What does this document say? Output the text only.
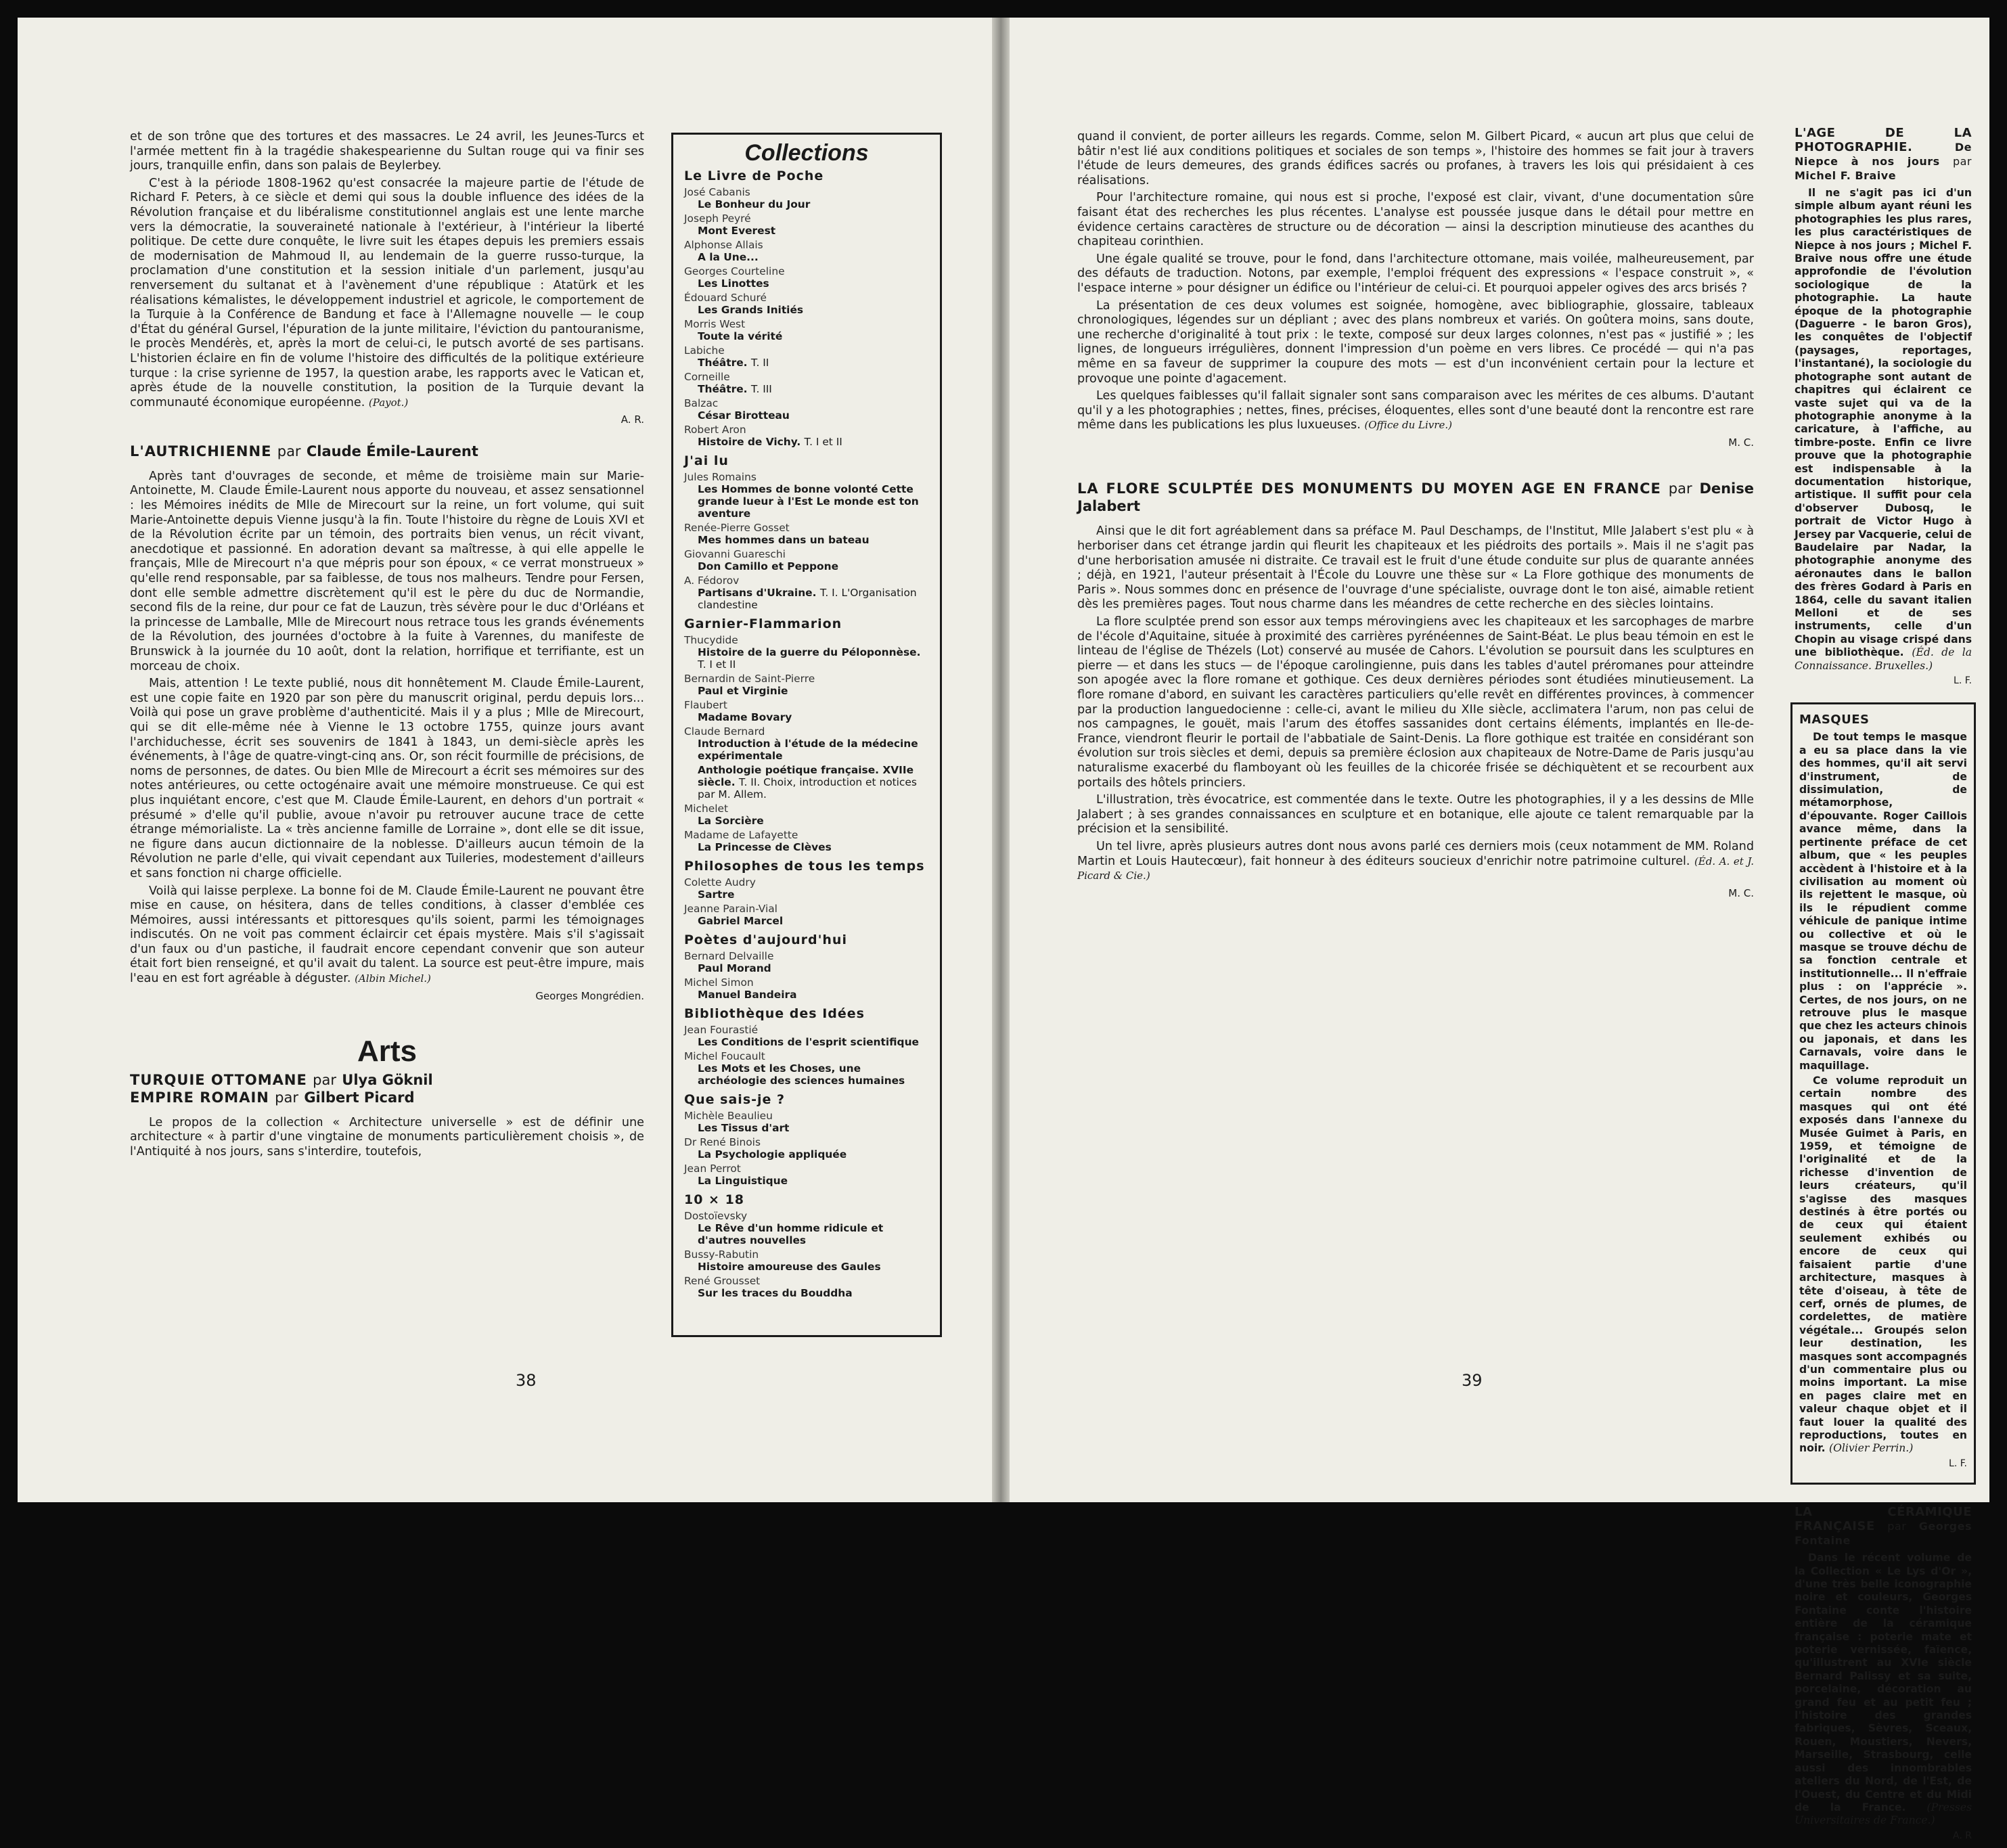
et de son trône que des tortures et des massacres. Le 24 avril, les Jeunes-Turcs et l'armée mettent fin à la tragédie shakespearienne du Sultan rouge qui va finir ses jours, tranquille enfin, dans son palais de Beylerbey.

C'est à la période 1808-1962 qu'est consacrée la majeure partie de l'étude de Richard F. Peters, à ce siècle et demi qui sous la double influence des idées de la Révolution française et du libéralisme constitutionnel anglais est une lente marche vers la démocratie, la souveraineté nationale à l'extérieur, à l'intérieur la liberté politique. De cette dure conquête, le livre suit les étapes depuis les premiers essais de modernisation de Mahmoud II, au lendemain de la guerre russo-turque, la proclamation d'une constitution et la session initiale d'un parlement, jusqu'au renversement du sultanat et à l'avènement d'une république : Atatürk et les réalisations kémalistes, le développement industriel et agricole, le comportement de la Turquie à la Conférence de Bandung et face à l'Allemagne nouvelle — le coup d'État du général Gursel, l'épuration de la junte militaire, l'éviction du pantouranisme, le procès Mendérès, et, après la mort de celui-ci, le putsch avorté de ses partisans. L'historien éclaire en fin de volume l'histoire des difficultés de la politique extérieure turque : la crise syrienne de 1957, la question arabe, les rapports avec le Vatican et, après étude de la nouvelle constitution, la position de la Turquie devant la communauté économique européenne. (Payot.)

A. R.
L'AUTRICHIENNE par Claude Émile-Laurent

Après tant d'ouvrages de seconde, et même de troisième main sur Marie-Antoinette, M. Claude Émile-Laurent nous apporte du nouveau, et assez sensationnel : les Mémoires inédits de Mlle de Mirecourt sur la reine, un fort volume, qui suit Marie-Antoinette depuis Vienne jusqu'à la fin. Toute l'histoire du règne de Louis XVI et de la Révolution écrite par un témoin, des portraits bien venus, un récit vivant, anecdotique et passionné. En adoration devant sa maîtresse, à qui elle appelle le français, Mlle de Mirecourt n'a que mépris pour son époux, « ce verrat monstrueux » qu'elle rend responsable, par sa faiblesse, de tous nos malheurs. Tendre pour Fersen, dont elle semble admettre discrètement qu'il est le père du duc de Normandie, second fils de la reine, dur pour ce fat de Lauzun, très sévère pour le duc d'Orléans et la princesse de Lamballe, Mlle de Mirecourt nous retrace tous les grands événements de la Révolution, des journées d'octobre à la fuite à Varennes, du manifeste de Brunswick à la journée du 10 août, dont la relation, horrifique et terrifiante, est un morceau de choix.

Mais, attention ! Le texte publié, nous dit honnêtement M. Claude Émile-Laurent, est une copie faite en 1920 par son père du manuscrit original, perdu depuis lors... Voilà qui pose un grave problème d'authenticité. Mais il y a plus ; Mlle de Mirecourt, qui se dit elle-même née à Vienne le 13 octobre 1755, quinze jours avant l'archiduchesse, écrit ses souvenirs de 1841 à 1843, un demi-siècle après les événements, à l'âge de quatre-vingt-cinq ans. Or, son récit fourmille de précisions, de noms de personnes, de dates. Ou bien Mlle de Mirecourt a écrit ses mémoires sur des notes antérieures, ou cette octogénaire avait une mémoire monstrueuse. Ce qui est plus inquiétant encore, c'est que M. Claude Émile-Laurent, en dehors d'un portrait « présumé » d'elle qu'il publie, avoue n'avoir pu retrouver aucune trace de cette étrange mémorialiste. La « très ancienne famille de Lorraine », dont elle se dit issue, ne figure dans aucun dictionnaire de la noblesse. D'ailleurs aucun témoin de la Révolution ne parle d'elle, qui vivait cependant aux Tuileries, modestement d'ailleurs et sans fonction ni charge officielle.

Voilà qui laisse perplexe. La bonne foi de M. Claude Émile-Laurent ne pouvant être mise en cause, on hésitera, dans de telles conditions, à classer d'emblée ces Mémoires, aussi intéressants et pittoresques qu'ils soient, parmi les témoignages indiscutés. On ne voit pas comment éclaircir cet épais mystère. Mais s'il s'agissait d'un faux ou d'un pastiche, il faudrait encore cependant convenir que son auteur était fort bien renseigné, et qu'il avait du talent. La source est peut-être impure, mais l'eau en est fort agréable à déguster. (Albin Michel.)

Georges Mongrédien.
Arts
TURQUIE OTTOMANE par Ulya Göknil
EMPIRE ROMAIN par Gilbert Picard

Le propos de la collection « Architecture universelle » est de définir une architecture « à partir d'une vingtaine de monuments particulièrement choisis », de l'Antiquité à nos jours, sans s'interdire, toutefois,

Collections
Le Livre de Poche
José Cabanis
Le Bonheur du Jour
Joseph Peyré
Mont Everest
Alphonse Allais
A la Une...
Georges Courteline
Les Linottes
Édouard Schuré
Les Grands Initiés
Morris West
Toute la vérité
Labiche
Théâtre. T. II
Corneille
Théâtre. T. III
Balzac
César Birotteau
Robert Aron
Histoire de Vichy. T. I et II
J'ai lu
Jules Romains
Les Hommes de bonne volonté Cette grande lueur à l'Est Le monde est ton aventure
Renée-Pierre Gosset
Mes hommes dans un bateau
Giovanni Guareschi
Don Camillo et Peppone
A. Fédorov
Partisans d'Ukraine. T. I. L'Organisation clandestine
Garnier-Flammarion
Thucydide
Histoire de la guerre du Péloponnèse. T. I et II
Bernardin de Saint-Pierre
Paul et Virginie
Flaubert
Madame Bovary
Claude Bernard
Introduction à l'étude de la médecine expérimentale
Anthologie poétique française. XVIIe siècle. T. II. Choix, introduction et notices par M. Allem.
Michelet
La Sorcière
Madame de Lafayette
La Princesse de Clèves
Philosophes de tous les temps
Colette Audry
Sartre
Jeanne Parain-Vial
Gabriel Marcel
Poètes d'aujourd'hui
Bernard Delvaille
Paul Morand
Michel Simon
Manuel Bandeira
Bibliothèque des Idées
Jean Fourastié
Les Conditions de l'esprit scientifique
Michel Foucault
Les Mots et les Choses, une archéologie des sciences humaines
Que sais-je ?
Michèle Beaulieu
Les Tissus d'art
Dr René Binois
La Psychologie appliquée
Jean Perrot
La Linguistique
10 × 18
Dostoïevsky
Le Rêve d'un homme ridicule et d'autres nouvelles
Bussy-Rabutin
Histoire amoureuse des Gaules
René Grousset
Sur les traces du Bouddha
38

quand il convient, de porter ailleurs les regards. Comme, selon M. Gilbert Picard, « aucun art plus que celui de bâtir n'est lié aux conditions politiques et sociales de son temps », l'histoire des hommes se fait jour à travers l'étude de leurs demeures, des grands édifices sacrés ou profanes, à travers les lois qui présidaient à ces réalisations.

Pour l'architecture romaine, qui nous est si proche, l'exposé est clair, vivant, d'une documentation sûre faisant état des recherches les plus récentes. L'analyse est poussée jusque dans le détail pour mettre en évidence certains caractères de structure ou de décoration — ainsi la description minutieuse des acanthes du chapiteau corinthien.

Une égale qualité se trouve, pour le fond, dans l'architecture ottomane, mais voilée, malheureusement, par des défauts de traduction. Notons, par exemple, l'emploi fréquent des expressions « l'espace construit », « l'espace interne » pour désigner un édifice ou l'intérieur de celui-ci. Et pourquoi appeler ogives des arcs brisés ?

La présentation de ces deux volumes est soignée, homogène, avec bibliographie, glossaire, tableaux chronologiques, légendes sur un dépliant ; avec des plans nombreux et variés. On goûtera moins, sans doute, une recherche d'originalité à tout prix : le texte, composé sur deux larges colonnes, n'est pas « justifié » ; les lignes, de longueurs irrégulières, donnent l'impression d'un poème en vers libres. Ce procédé — qui n'a pas même en sa faveur de supprimer la coupure des mots — est d'un inconvénient certain pour la lecture et provoque une pointe d'agacement.

Les quelques faiblesses qu'il fallait signaler sont sans comparaison avec les mérites de ces albums. D'autant qu'il y a les photographies ; nettes, fines, précises, éloquentes, elles sont d'une beauté dont la rencontre est rare même dans les publications les plus luxueuses. (Office du Livre.)

M. C.
LA FLORE SCULPTÉE DES MONUMENTS DU MOYEN AGE EN FRANCE par Denise Jalabert

Ainsi que le dit fort agréablement dans sa préface M. Paul Deschamps, de l'Institut, Mlle Jalabert s'est plu « à herboriser dans cet étrange jardin qui fleurit les chapiteaux et les piédroits des portails ». Mais il ne s'agit pas d'une herborisation amusée ni distraite. Ce travail est le fruit d'une étude conduite sur plus de quarante années ; déjà, en 1921, l'auteur présentait à l'École du Louvre une thèse sur « La Flore gothique des monuments de Paris ». Nous sommes donc en présence de l'ouvrage d'une spécialiste, ouvrage dont le ton aisé, aimable retient dès les premières pages. Tout nous charme dans les méandres de cette recherche en des siècles lointains.

La flore sculptée prend son essor aux temps mérovingiens avec les chapiteaux et les sarcophages de marbre de l'école d'Aquitaine, située à proximité des carrières pyrénéennes de Saint-Béat. Le plus beau témoin en est le linteau de l'église de Thézels (Lot) conservé au musée de Cahors. L'évolution se poursuit dans les sculptures en pierre — et dans les stucs — de l'époque carolingienne, puis dans les tables d'autel préromanes pour atteindre son apogée avec la flore romane et gothique. Ces deux dernières périodes sont étudiées minutieusement. La flore romane d'abord, en suivant les caractères particuliers qu'elle revêt en différentes provinces, à commencer par la production languedocienne : celle-ci, avant le milieu du XIIe siècle, acclimatera l'arum, non pas celui de nos campagnes, le gouët, mais l'arum des étoffes sassanides dont certains éléments, implantés en Ile-de-France, viendront fleurir le portail de l'abbatiale de Saint-Denis. La flore gothique est traitée en considérant son évolution sur trois siècles et demi, depuis sa première éclosion aux chapiteaux de Notre-Dame de Paris jusqu'au naturalisme exacerbé du flamboyant où les feuilles de la chicorée frisée se déchiquètent et se recourbent aux portails des hôtels princiers.

L'illustration, très évocatrice, est commentée dans le texte. Outre les photographies, il y a les dessins de Mlle Jalabert ; à ses grandes connaissances en sculpture et en botanique, elle ajoute ce talent remarquable par la précision et la sensibilité.

Un tel livre, après plusieurs autres dont nous avons parlé ces derniers mois (ceux notamment de MM. Roland Martin et Louis Hautecœur), fait honneur à des éditeurs soucieux d'enrichir notre patrimoine culturel. (Éd. A. et J. Picard & Cie.)

M. C.
L'AGE DE LA PHOTOGRAPHIE.	De Niepce à nos jours par Michel F. Braive

Il ne s'agit pas ici d'un simple album ayant réuni les photographies les plus rares, les plus caractéristiques de Niepce à nos jours ; Michel F. Braive nous offre une étude approfondie de l'évolution sociologique de la photographie. La haute époque de la photographie (Daguerre - le baron Gros), les conquêtes de l'objectif (paysages, reportages, l'instantané), la sociologie du photographe sont autant de chapitres qui éclairent ce vaste sujet qui va de la photographie anonyme à la caricature, à l'affiche, au timbre-poste. Enfin ce livre prouve que la photographie est indispensable à la documentation historique, artistique. Il suffit pour cela d'observer Dubosq, le portrait de Victor Hugo à Jersey par Vacquerie, celui de Baudelaire par Nadar, la photographie anonyme des aéronautes dans le ballon des frères Godard à Paris en 1864, celle du savant italien Melloni et de ses instruments, celle d'un Chopin au visage crispé dans une bibliothèque. (Éd. de la Connaissance. Bruxelles.)

L. F.
MASQUES

De tout temps le masque a eu sa place dans la vie des hommes, qu'il ait servi d'instrument, de dissimulation, de métamorphose, d'épouvante. Roger Caillois avance même, dans la pertinente préface de cet album, que « les peuples accèdent à l'histoire et à la civilisation au moment où ils rejettent le masque, où ils le répudient comme véhicule de panique intime ou collective et où le masque se trouve déchu de sa fonction centrale et institutionnelle... Il n'effraie plus : on l'apprécie ». Certes, de nos jours, on ne retrouve plus le masque que chez les acteurs chinois ou japonais, et dans les Carnavals, voire dans le maquillage.

Ce volume reproduit un certain nombre des masques qui ont été exposés dans l'annexe du Musée Guimet à Paris, en 1959, et témoigne de l'originalité et de la richesse d'invention de leurs créateurs, qu'il s'agisse des masques destinés à être portés ou de ceux qui étaient seulement exhibés ou encore de ceux qui faisaient partie d'une architecture, masques à tête d'oiseau, à tête de cerf, ornés de plumes, de cordelettes, de matière végétale... Groupés selon leur destination, les masques sont accompagnés d'un commentaire plus ou moins important. La mise en pages claire met en valeur chaque objet et il faut louer la qualité des reproductions, toutes en noir. (Olivier Perrin.)

L. F.
LA CÉRAMIQUE FRANÇAISE par Georges Fontaine

Dans le récent volume de la Collection « Le Lys d'Or », d'une très belle iconographie noire et couleurs, Georges Fontaine conte l'histoire entière de la céramique française : poterie mate et poterie vernissée, faïence, qu'illustrent au XVIe siècle Bernard Palissy et sa suite, porcelaine, décoration au grand feu et au petit feu ; l'histoire des grandes fabriques, Sèvres, Sceaux, Rouen, Moustiers, Nevers, Marseille, Strasbourg, celle aussi des innombrables ateliers du Nord, de l'Est, de l'Ouest, du Centre et du Midi de la France. (Presses Universitaires de France.)

A. R
39
